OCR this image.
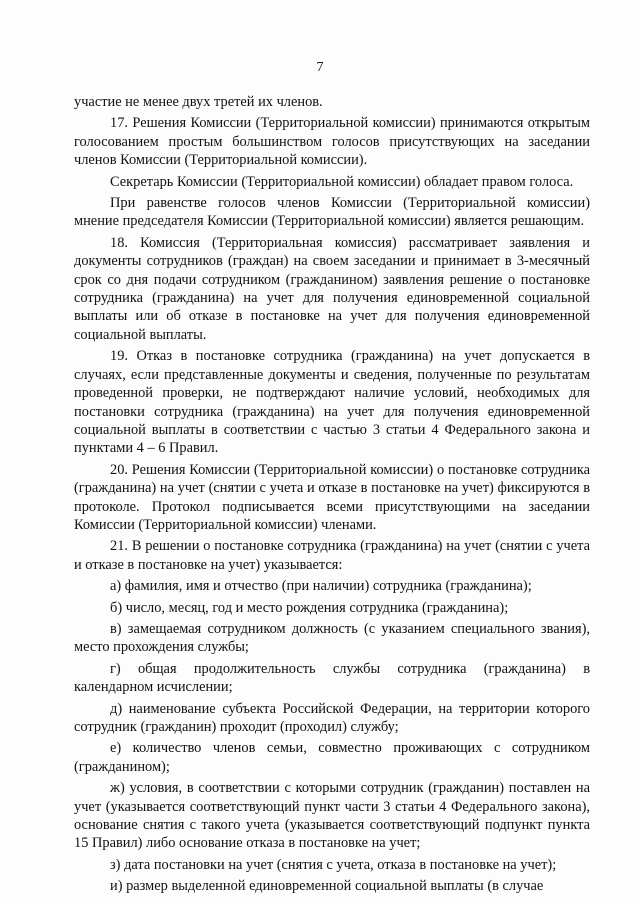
7

участие не менее двух третей их членов.

17. Решения Комиссии (Территориальной комиссии) принимаются открытым голосованием простым большинством голосов присутствующих на заседании членов Комиссии (Территориальной комиссии).

Секретарь Комиссии (Территориальной комиссии) обладает правом голоса.

При равенстве голосов членов Комиссии (Территориальной комиссии) мнение председателя Комиссии (Территориальной комиссии) является решающим.

18. Комиссия (Территориальная комиссия) рассматривает заявления и документы сотрудников (граждан) на своем заседании и принимает в 3-месячный срок со дня подачи сотрудником (гражданином) заявления решение о постановке сотрудника (гражданина) на учет для получения единовременной социальной выплаты или об отказе в постановке на учет для получения единовременной социальной выплаты.

19. Отказ в постановке сотрудника (гражданина) на учет допускается в случаях, если представленные документы и сведения, полученные по результатам проведенной проверки, не подтверждают наличие условий, необходимых для постановки сотрудника (гражданина) на учет для получения единовременной социальной выплаты в соответствии с частью 3 статьи 4 Федерального закона и пунктами 4 – 6 Правил.

20. Решения Комиссии (Территориальной комиссии) о постановке сотрудника (гражданина) на учет (снятии с учета и отказе в постановке на учет) фиксируются в протоколе. Протокол подписывается всеми присутствующими на заседании Комиссии (Территориальной комиссии) членами.

21. В решении о постановке сотрудника (гражданина) на учет (снятии с учета и отказе в постановке на учет) указывается:

а) фамилия, имя и отчество (при наличии) сотрудника (гражданина);

б) число, месяц, год и место рождения сотрудника (гражданина);

в) замещаемая сотрудником должность (с указанием специального звания), место прохождения службы;

г) общая продолжительность службы сотрудника (гражданина) в календарном исчислении;

д) наименование субъекта Российской Федерации, на территории которого сотрудник (гражданин) проходит (проходил) службу;

е) количество членов семьи, совместно проживающих с сотрудником (гражданином);

ж) условия, в соответствии с которыми сотрудник (гражданин) поставлен на учет (указывается соответствующий пункт части 3 статьи 4 Федерального закона), основание снятия с такого учета (указывается соответствующий подпункт пункта 15 Правил) либо основание отказа в постановке на учет;

з) дата постановки на учет (снятия с учета, отказа в постановке на учет);

и) размер выделенной единовременной социальной выплаты (в случае
